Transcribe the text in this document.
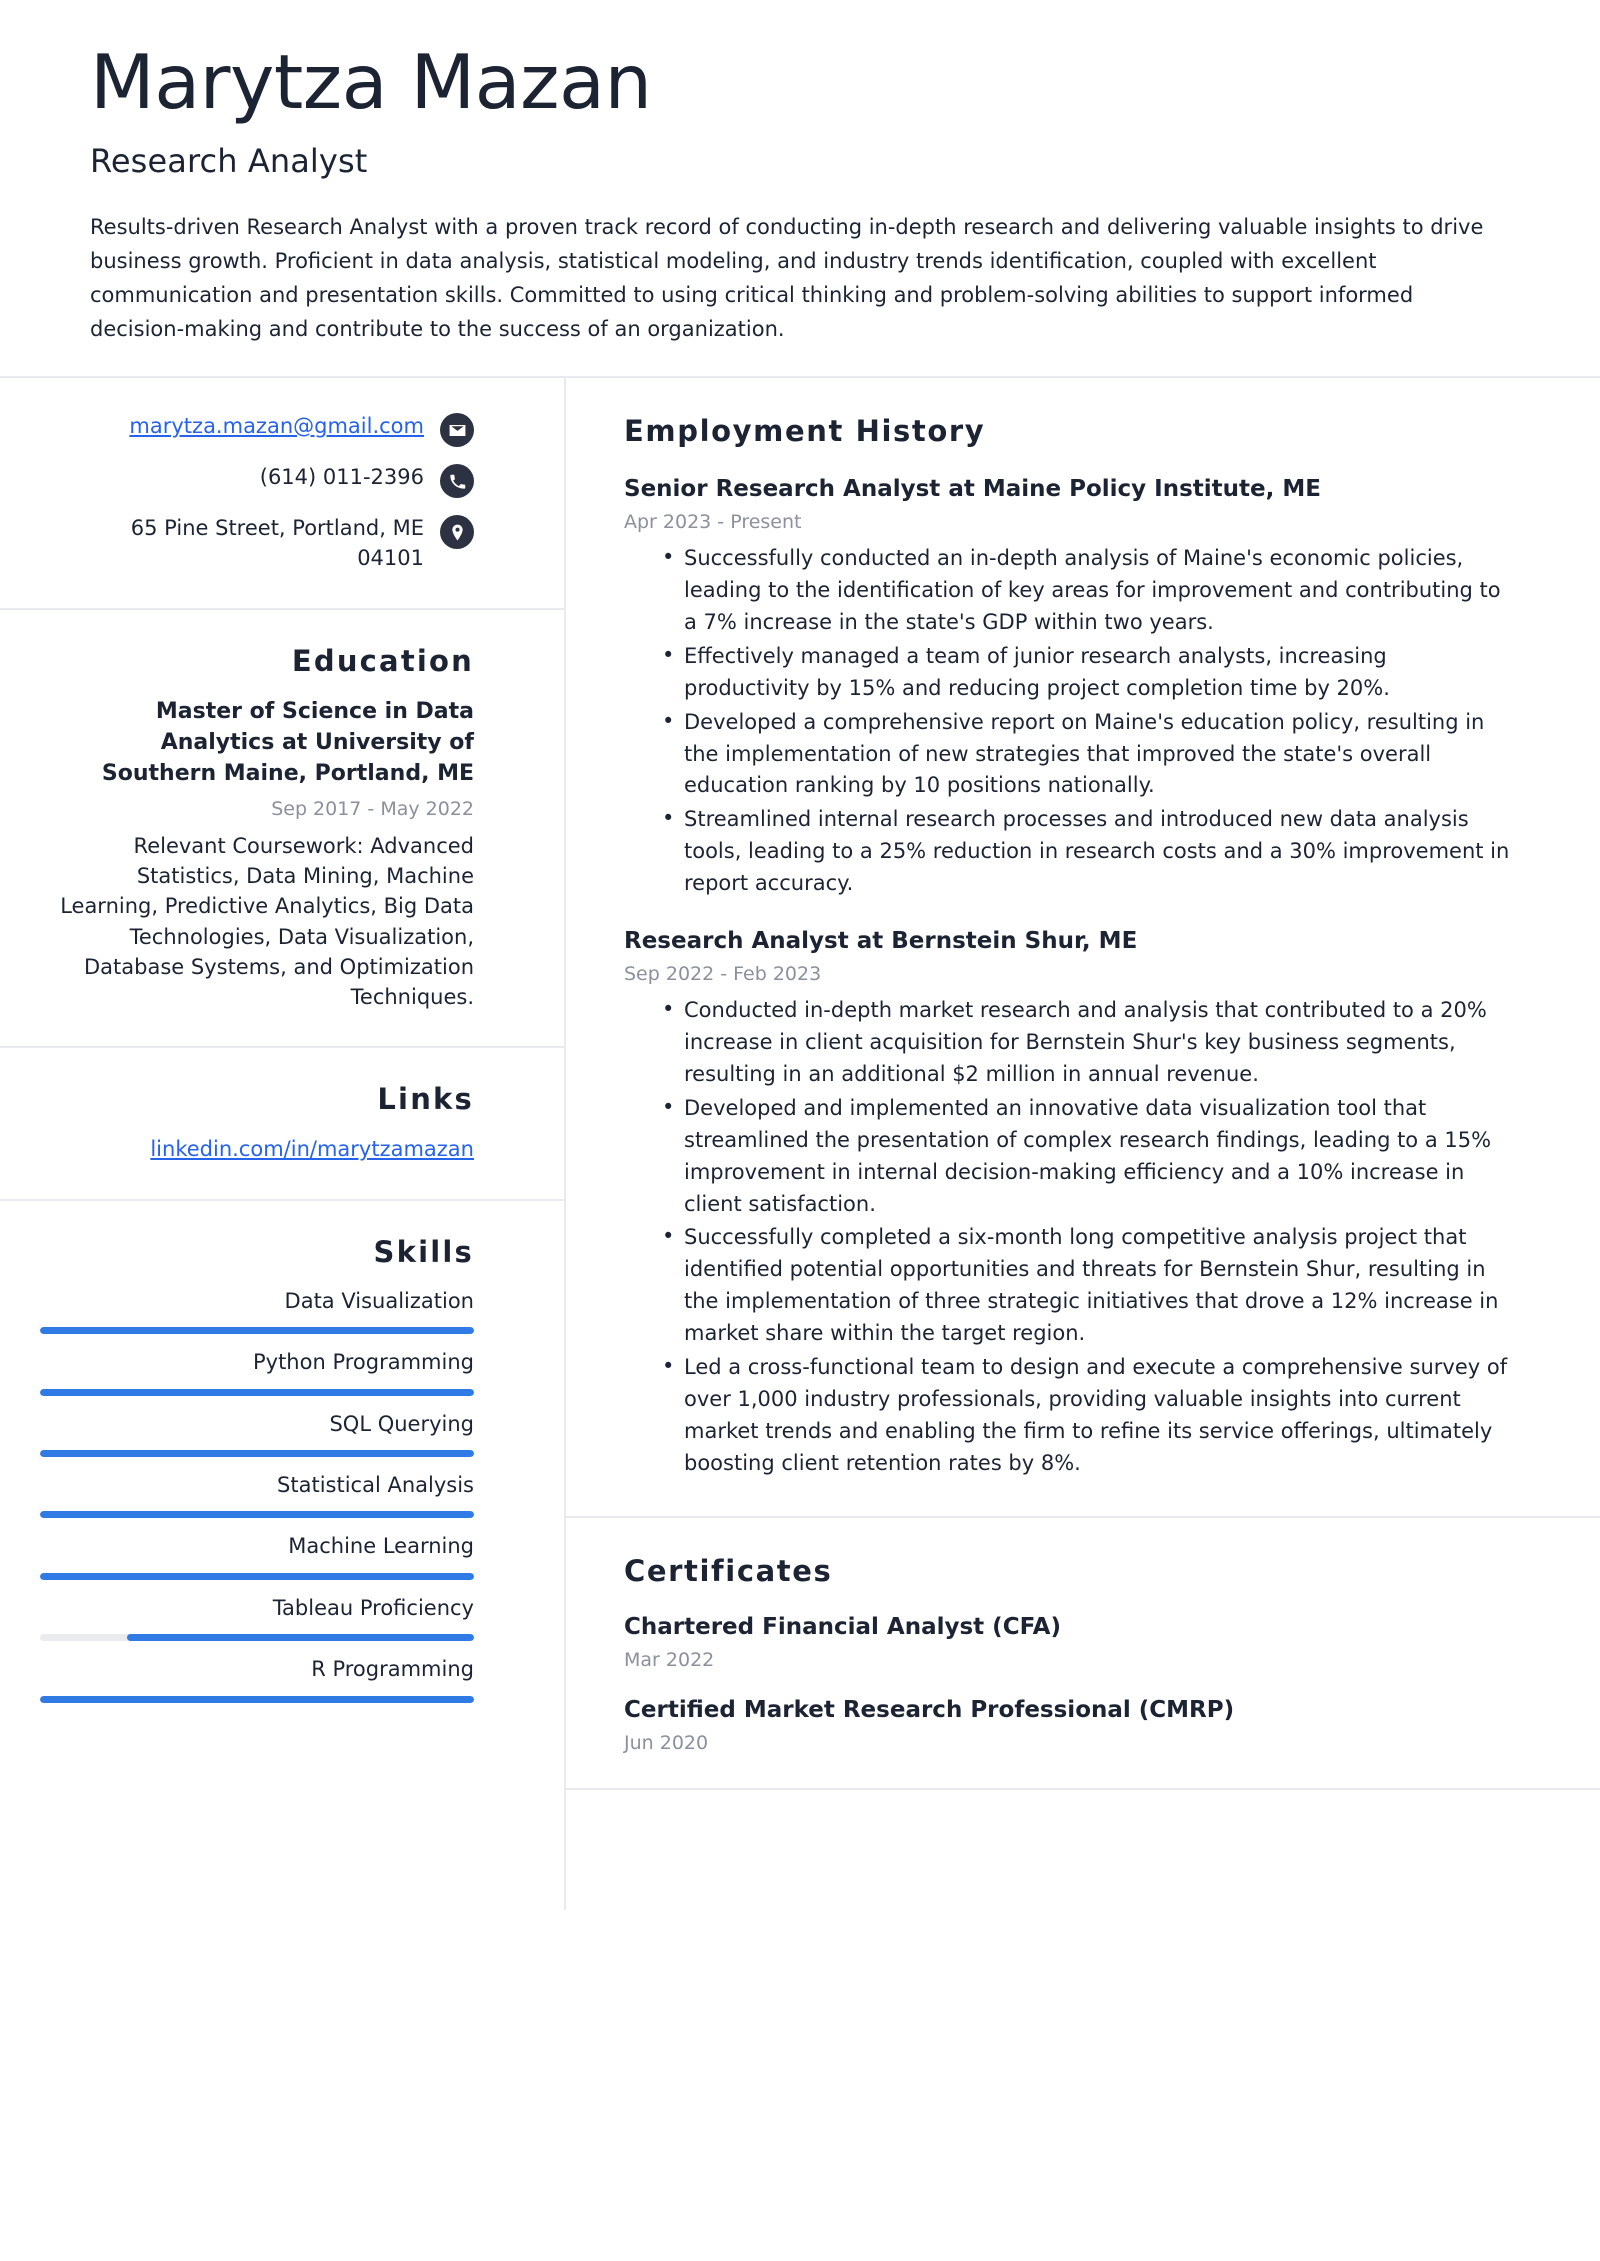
Marytza Mazan
Research Analyst
Results-driven Research Analyst with a proven track record of conducting in-depth research and delivering valuable insights to drive business growth. Proficient in data analysis, statistical modeling, and industry trends identification, coupled with excellent communication and presentation skills. Committed to using critical thinking and problem-solving abilities to support informed decision-making and contribute to the success of an organization.
marytza.mazan@gmail.com
(614) 011-2396
65 Pine Street, Portland, ME 04101
Education
Master of Science in Data Analytics at University of Southern Maine, Portland, ME
Sep 2017 - May 2022
Relevant Coursework: Advanced Statistics, Data Mining, Machine Learning, Predictive Analytics, Big Data Technologies, Data Visualization, Database Systems, and Optimization Techniques.
Links
linkedin.com/in/marytzamazan
Skills
Data Visualization
Python Programming
SQL Querying
Statistical Analysis
Machine Learning
Tableau Proficiency
R Programming
Employment History
Senior Research Analyst at Maine Policy Institute, ME
Apr 2023 - Present
• Successfully conducted an in-depth analysis of Maine's economic policies, leading to the identification of key areas for improvement and contributing to a 7% increase in the state's GDP within two years.
• Effectively managed a team of junior research analysts, increasing productivity by 15% and reducing project completion time by 20%.
• Developed a comprehensive report on Maine's education policy, resulting in the implementation of new strategies that improved the state's overall education ranking by 10 positions nationally.
• Streamlined internal research processes and introduced new data analysis tools, leading to a 25% reduction in research costs and a 30% improvement in report accuracy.
Research Analyst at Bernstein Shur, ME
Sep 2022 - Feb 2023
• Conducted in-depth market research and analysis that contributed to a 20% increase in client acquisition for Bernstein Shur's key business segments, resulting in an additional $2 million in annual revenue.
• Developed and implemented an innovative data visualization tool that streamlined the presentation of complex research findings, leading to a 15% improvement in internal decision-making efficiency and a 10% increase in client satisfaction.
• Successfully completed a six-month long competitive analysis project that identified potential opportunities and threats for Bernstein Shur, resulting in the implementation of three strategic initiatives that drove a 12% increase in market share within the target region.
• Led a cross-functional team to design and execute a comprehensive survey of over 1,000 industry professionals, providing valuable insights into current market trends and enabling the firm to refine its service offerings, ultimately boosting client retention rates by 8%.
Certificates
Chartered Financial Analyst (CFA)
Mar 2022
Certified Market Research Professional (CMRP)
Jun 2020
